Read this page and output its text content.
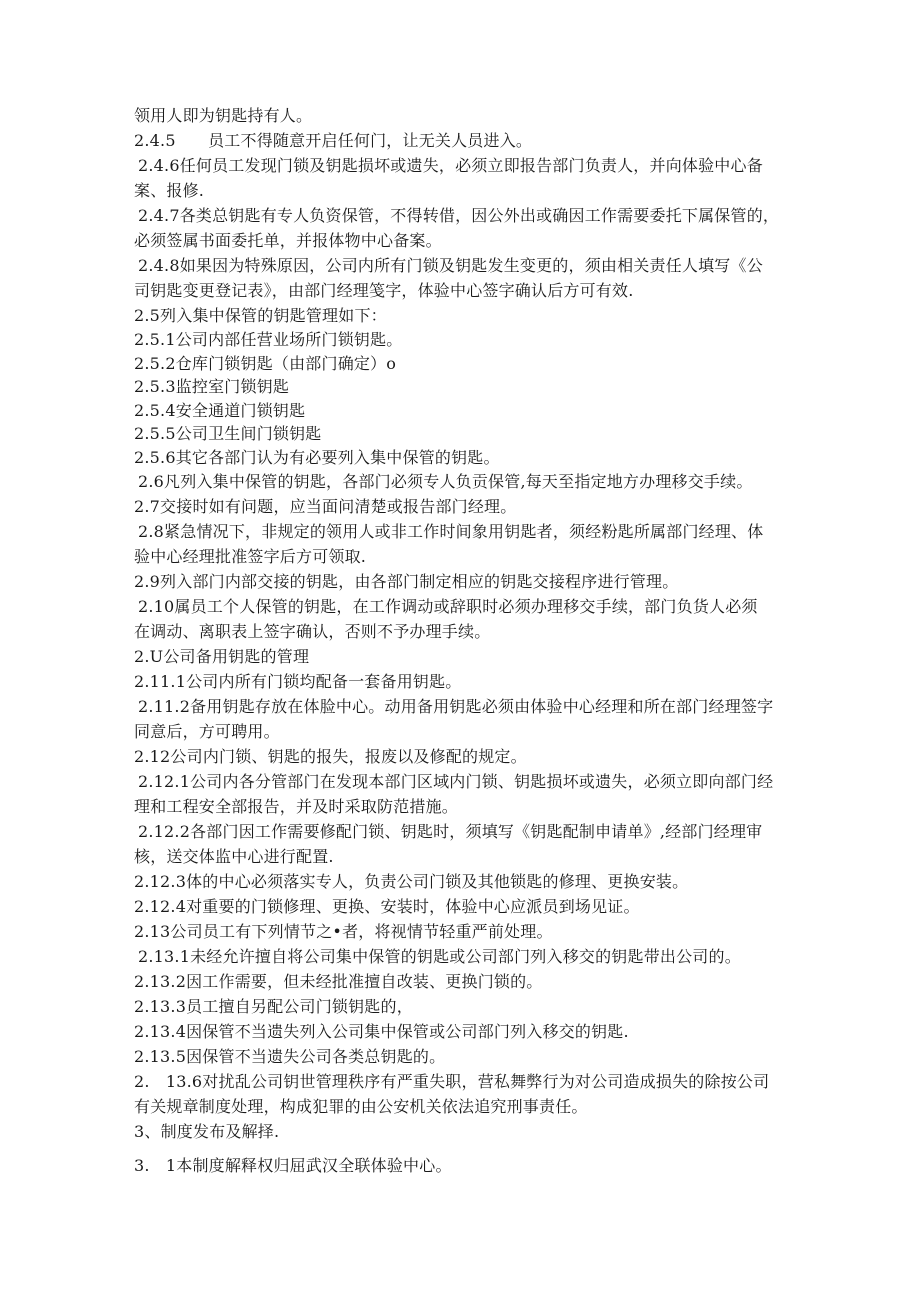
领用人即为钥匙持有人。
2.4.5　　员工不得随意开启任何门，让无关人员进入。
2.4.6任何员工发现门锁及钥匙损坏或遗失，必须立即报告部门负责人，并向体验中心备
案、报修.
2.4.7各类总钥匙有专人负资保管，不得转借，因公外出或确因工作需要委托下属保管的，
必须签属书面委托单，并报体物中心备案。
2.4.8如果因为特殊原因，公司内所有门锁及钥匙发生变更的，须由相关责任人填写《公
司钥匙变更登记表》，由部门经理笺字，体验中心签字确认后方可有效.
2.5列入集中保管的钥匙管理如下：
2.5.1公司内部任营业场所门锁钥匙。
2.5.2仓库门锁钥匙（由部门确定）o
2.5.3监控室门锁钥匙
2.5.4安全通道门锁钥匙
2.5.5公司卫生间门锁钥匙
2.5.6其它各部门认为有必要列入集中保管的钥匙。
2.6凡列入集中保管的钥匙，各部门必须专人负贡保管,每天至指定地方办理移交手续。
2.7交接时如有问题，应当面问清楚或报告部门经理。
2.8紧急情况下，非规定的领用人或非工作时间象用钥匙者，须经粉匙所属部门经理、体
验中心经理批准签字后方可领取.
2.9列入部门内部交接的钥匙，由各部门制定相应的钥匙交接程序进行管理。
2.10属员工个人保管的钥匙，在工作调动或辞职时必须办理移交手续，部门负货人必须
在调动、离职表上签字确认，否则不予办理手续。
2.U公司备用钥匙的管理
2.11.1公司内所有门锁均配备一套备用钥匙。
2.11.2备用钥匙存放在体脸中心。动用备用钥匙必须由体验中心经理和所在部门经理签字
同意后，方可聘用。
2.12公司内门锁、钥匙的报失，报废以及修配的规定。
2.12.1公司内各分管部门在发现本部门区域内门锁、钥匙损坏或遗失，必须立即向部门经
理和工程安全部报告，并及时采取防范措施。
2.12.2各部门因工作需要修配门锁、钥匙时，须填写《钥匙配制申请单》,经部门经理审
核，送交体监中心进行配置.
2.12.3体的中心必须落实专人，负责公司门锁及其他锁匙的修理、更换安装。
2.12.4对重要的门锁修理、更换、安装时，体验中心应派员到场见证。
2.13公司员工有下列情节之•者，将视情节轻重严前处理。
2.13.1未经允许擅自将公司集中保管的钥匙或公司部门列入移交的钥匙带出公司的。
2.13.2因工作需要，但未经批准擅自改装、更换门锁的。
2.13.3员工擅自另配公司门锁钥匙的，
2.13.4因保管不当遗失列入公司集中保管或公司部门列入移交的钥匙.
2.13.5因保管不当遗失公司各类总钥匙的。
2.　13.6对扰乱公司钥世管理秩序有严重失职，营私舞弊行为对公司造成损失的除按公司
有关规章制度处理，构成犯罪的由公安机关依法追究刑事责任。
3、制度发布及解择.
3.　1本制度解释权归屈武汉全联体验中心。
